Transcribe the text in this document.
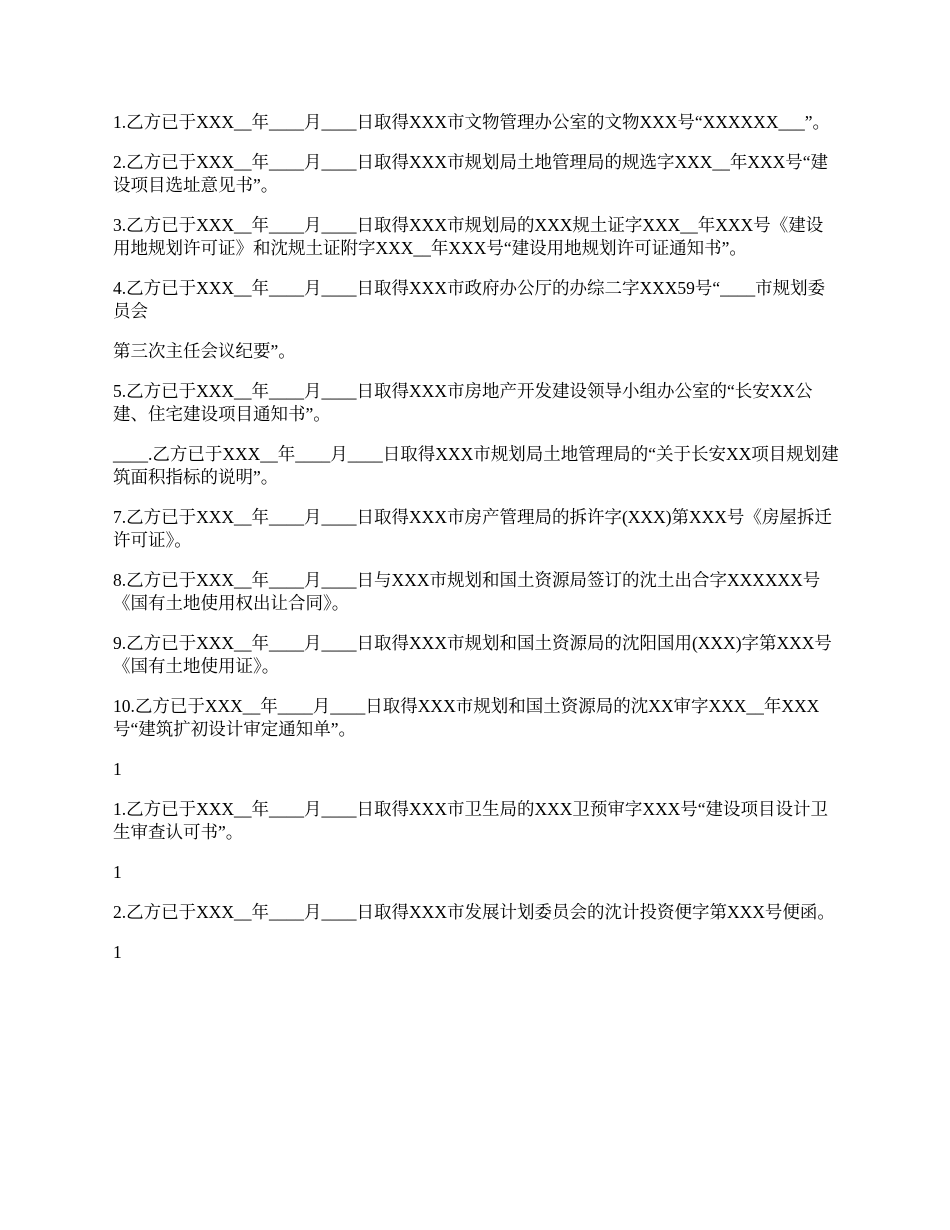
1.乙方已于XXX__年____月____日取得XXX市文物管理办公室的文物XXX号“XXXXXX___”。

2.乙方已于XXX__年____月____日取得XXX市规划局土地管理局的规选字XXX__年XXX号“建设项目选址意见书”。

3.乙方已于XXX__年____月____日取得XXX市规划局的XXX规土证字XXX__年XXX号《建设用地规划许可证》和沈规土证附字XXX__年XXX号“建设用地规划许可证通知书”。

4.乙方已于XXX__年____月____日取得XXX市政府办公厅的办综二字XXX59号“____市规划委员会

第三次主任会议纪要”。

5.乙方已于XXX__年____月____日取得XXX市房地产开发建设领导小组办公室的“长安XX公建、住宅建设项目通知书”。

____.乙方已于XXX__年____月____日取得XXX市规划局土地管理局的“关于长安XX项目规划建筑面积指标的说明”。

7.乙方已于XXX__年____月____日取得XXX市房产管理局的拆许字(XXX)第XXX号《房屋拆迁许可证》。

8.乙方已于XXX__年____月____日与XXX市规划和国土资源局签订的沈土出合字XXXXXX号《国有土地使用权出让合同》。

9.乙方已于XXX__年____月____日取得XXX市规划和国土资源局的沈阳国用(XXX)字第XXX号《国有土地使用证》。

10.乙方已于XXX__年____月____日取得XXX市规划和国土资源局的沈XX审字XXX__年XXX号“建筑扩初设计审定通知单”。

1

1.乙方已于XXX__年____月____日取得XXX市卫生局的XXX卫预审字XXX号“建设项目设计卫生审查认可书”。

1

2.乙方已于XXX__年____月____日取得XXX市发展计划委员会的沈计投资便字第XXX号便函。

1
